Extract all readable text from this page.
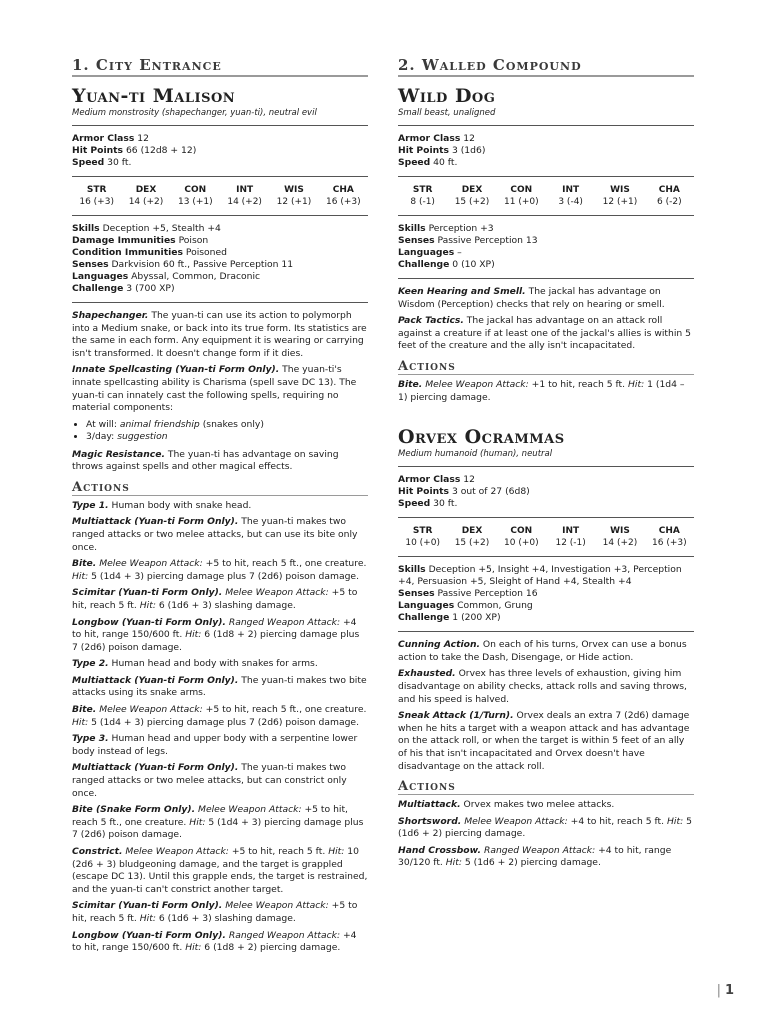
1. City Entrance
Yuan-ti Malison

Medium monstrosity (shapechanger, yuan-ti), neutral evil

Armor Class 12

Hit Points 66 (12d8 + 12)

Speed 30 ft.

STR
16 (+3)
DEX
14 (+2)
CON
13 (+1)
INT
14 (+2)
WIS
12 (+1)
CHA
16 (+3)

Skills Deception +5, Stealth +4

Damage Immunities Poison

Condition Immunities Poisoned

Senses Darkvision 60 ft., Passive Perception 11

Languages Abyssal, Common, Draconic

Challenge 3 (700 XP)

Shapechanger. The yuan-ti can use its action to polymorph into a Medium snake, or back into its true form. Its statistics are the same in each form. Any equipment it is wearing or carrying isn't transformed. It doesn't change form if it dies.

Innate Spellcasting (Yuan-ti Form Only). The yuan-ti's innate spellcasting ability is Charisma (spell save DC 13). The yuan-ti can innately cast the following spells, requiring no material components:

• At will: animal friendship (snakes only)
• 3/day: suggestion

Magic Resistance. The yuan-ti has advantage on saving throws against spells and other magical effects.

Actions

Type 1. Human body with snake head.

Multiattack (Yuan-ti Form Only). The yuan-ti makes two ranged attacks or two melee attacks, but can use its bite only once.

Bite. Melee Weapon Attack: +5 to hit, reach 5 ft., one creature. Hit: 5 (1d4 + 3) piercing damage plus 7 (2d6) poison damage.

Scimitar (Yuan-ti Form Only). Melee Weapon Attack: +5 to hit, reach 5 ft. Hit: 6 (1d6 + 3) slashing damage.

Longbow (Yuan-ti Form Only). Ranged Weapon Attack: +4 to hit, range 150/600 ft. Hit: 6 (1d8 + 2) piercing damage plus 7 (2d6) poison damage.

Type 2. Human head and body with snakes for arms.

Multiattack (Yuan-ti Form Only). The yuan-ti makes two bite attacks using its snake arms.

Bite. Melee Weapon Attack: +5 to hit, reach 5 ft., one creature. Hit: 5 (1d4 + 3) piercing damage plus 7 (2d6) poison damage.

Type 3. Human head and upper body with a serpentine lower body instead of legs.

Multiattack (Yuan-ti Form Only). The yuan-ti makes two ranged attacks or two melee attacks, but can constrict only once.

Bite (Snake Form Only). Melee Weapon Attack: +5 to hit, reach 5 ft., one creature. Hit: 5 (1d4 + 3) piercing damage plus 7 (2d6) poison damage.

Constrict. Melee Weapon Attack: +5 to hit, reach 5 ft. Hit: 10 (2d6 + 3) bludgeoning damage, and the target is grappled (escape DC 13). Until this grapple ends, the target is restrained, and the yuan-ti can't constrict another target.

Scimitar (Yuan-ti Form Only). Melee Weapon Attack: +5 to hit, reach 5 ft. Hit: 6 (1d6 + 3) slashing damage.

Longbow (Yuan-ti Form Only). Ranged Weapon Attack: +4 to hit, range 150/600 ft. Hit: 6 (1d8 + 2) piercing damage.

2. Walled Compound
Wild Dog

Small beast, unaligned

Armor Class 12

Hit Points 3 (1d6)

Speed 40 ft.

STR
8 (-1)
DEX
15 (+2)
CON
11 (+0)
INT
3 (-4)
WIS
12 (+1)
CHA
6 (-2)

Skills Perception +3

Senses Passive Perception 13

Languages –

Challenge 0 (10 XP)

Keen Hearing and Smell. The jackal has advantage on Wisdom (Perception) checks that rely on hearing or smell.

Pack Tactics. The jackal has advantage on an attack roll against a creature if at least one of the jackal's allies is within 5 feet of the creature and the ally isn't incapacitated.

Actions

Bite. Melee Weapon Attack: +1 to hit, reach 5 ft. Hit: 1 (1d4 – 1) piercing damage.

Orvex Ocrammas

Medium humanoid (human), neutral

Armor Class 12

Hit Points 3 out of 27 (6d8)

Speed 30 ft.

STR
10 (+0)
DEX
15 (+2)
CON
10 (+0)
INT
12 (-1)
WIS
14 (+2)
CHA
16 (+3)

Skills Deception +5, Insight +4, Investigation +3, Perception +4, Persuasion +5, Sleight of Hand +4, Stealth +4

Senses Passive Perception 16

Languages Common, Grung

Challenge 1 (200 XP)

Cunning Action. On each of his turns, Orvex can use a bonus action to take the Dash, Disengage, or Hide action.

Exhausted. Orvex has three levels of exhaustion, giving him disadvantage on ability checks, attack rolls and saving throws, and his speed is halved.

Sneak Attack (1/Turn). Orvex deals an extra 7 (2d6) damage when he hits a target with a weapon attack and has advantage on the attack roll, or when the target is within 5 feet of an ally of his that isn't incapacitated and Orvex doesn't have disadvantage on the attack roll.

Actions

Multiattack. Orvex makes two melee attacks.

Shortsword. Melee Weapon Attack: +4 to hit, reach 5 ft. Hit: 5 (1d6 + 2) piercing damage.

Hand Crossbow. Ranged Weapon Attack: +4 to hit, range 30/120 ft. Hit: 5 (1d6 + 2) piercing damage.

| 1
